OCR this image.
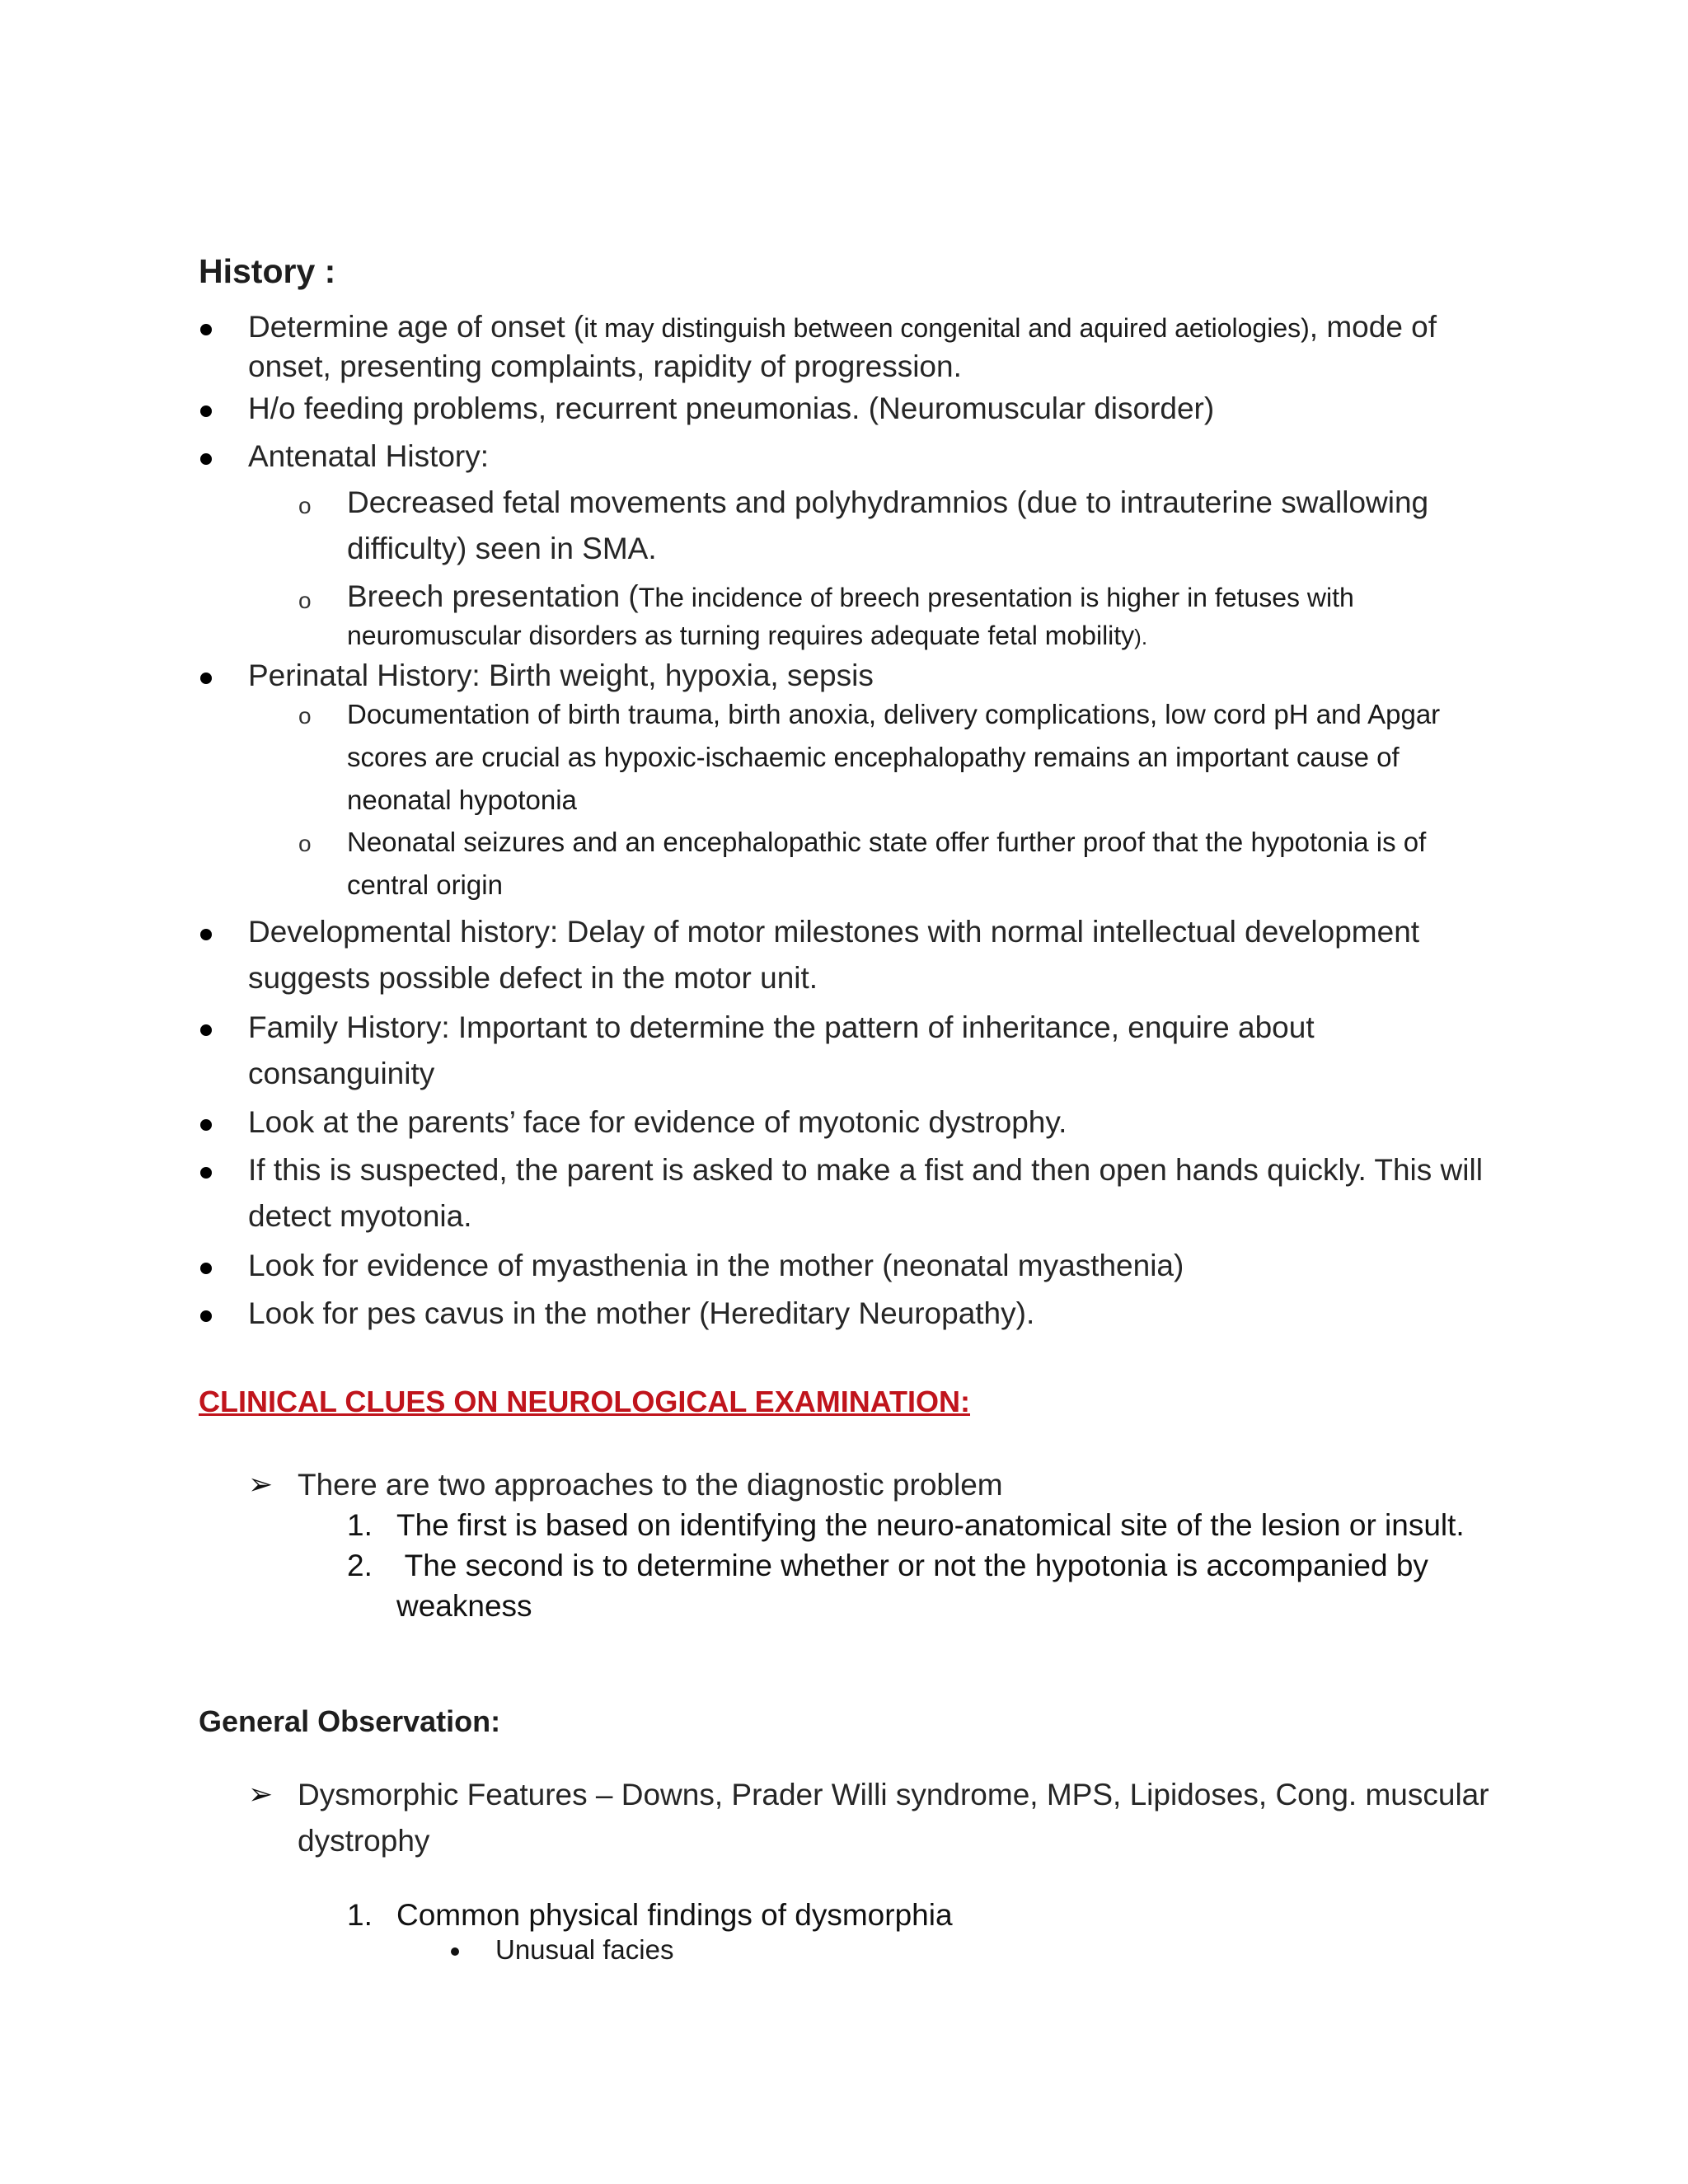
History :
Determine age of onset (it may distinguish between congenital and aquired aetiologies), mode of
onset, presenting complaints, rapidity of progression.
H/o feeding problems, recurrent pneumonias. (Neuromuscular disorder)
Antenatal History:
o Decreased fetal movements and polyhydramnios (due to intrauterine swallowing
difficulty) seen in SMA.
o Breech presentation (The incidence of breech presentation is higher in fetuses with
neuromuscular disorders as turning requires adequate fetal mobility).
Perinatal History: Birth weight, hypoxia, sepsis
o Documentation of birth trauma, birth anoxia, delivery complications, low cord pH and Apgar
scores are crucial as hypoxic-ischaemic encephalopathy remains an important cause of
neonatal hypotonia
o Neonatal seizures and an encephalopathic state offer further proof that the hypotonia is of
central origin
Developmental history: Delay of motor milestones with normal intellectual development
suggests possible defect in the motor unit.
Family History: Important to determine the pattern of inheritance, enquire about
consanguinity
Look at the parents’ face for evidence of myotonic dystrophy.
If this is suspected, the parent is asked to make a fist and then open hands quickly. This will
detect myotonia.
Look for evidence of myasthenia in the mother (neonatal myasthenia)
Look for pes cavus in the mother (Hereditary Neuropathy).
CLINICAL CLUES ON NEUROLOGICAL EXAMINATION:
➢ There are two approaches to the diagnostic problem
1. The first is based on identifying the neuro-anatomical site of the lesion or insult.
2. The second is to determine whether or not the hypotonia is accompanied by
weakness
General Observation:
➢ Dysmorphic Features – Downs, Prader Willi syndrome, MPS, Lipidoses, Cong. muscular
dystrophy
1. Common physical findings of dysmorphia
Unusual facies
